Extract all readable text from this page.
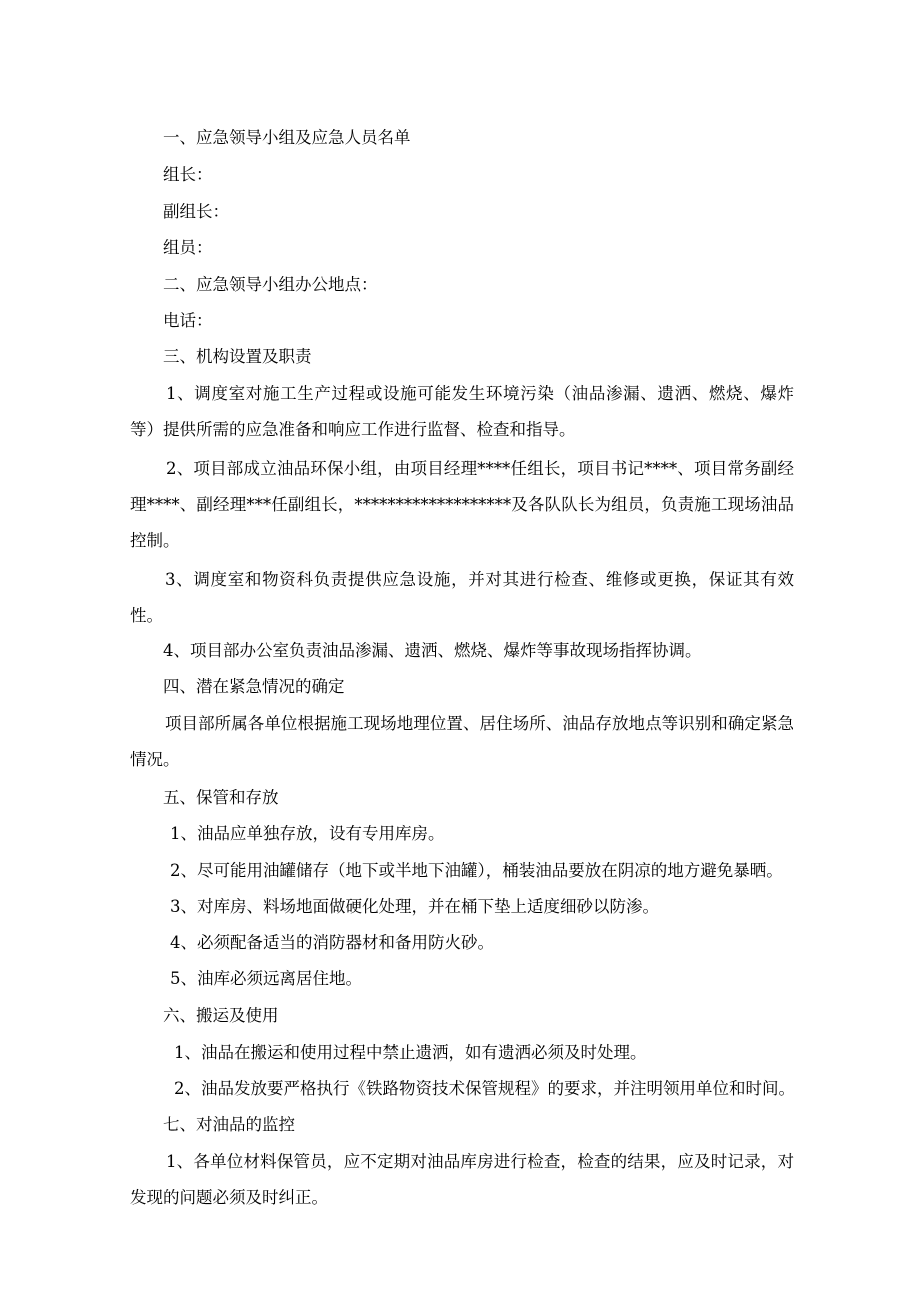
一、应急领导小组及应急人员名单
组长：
副组长：
组员：
二、应急领导小组办公地点：
电话：
三、机构设置及职责
1、调度室对施工生产过程或设施可能发生环境污染（油品渗漏、遗洒、燃烧、爆炸等）提供所需的应急准备和响应工作进行监督、检查和指导。
2、项目部成立油品环保小组，由项目经理****任组长，项目书记****、项目常务副经理****、副经理***任副组长，*******************及各队队长为组员，负责施工现场油品控制。
3、调度室和物资科负责提供应急设施，并对其进行检查、维修或更换，保证其有效性。
4、项目部办公室负责油品渗漏、遗洒、燃烧、爆炸等事故现场指挥协调。
四、潜在紧急情况的确定
项目部所属各单位根据施工现场地理位置、居住场所、油品存放地点等识别和确定紧急情况。
五、保管和存放
1、油品应单独存放，设有专用库房。
2、尽可能用油罐储存（地下或半地下油罐），桶装油品要放在阴凉的地方避免暴晒。
3、对库房、料场地面做硬化处理，并在桶下垫上适度细砂以防渗。
4、必须配备适当的消防器材和备用防火砂。
5、油库必须远离居住地。
六、搬运及使用
1、油品在搬运和使用过程中禁止遗洒，如有遗洒必须及时处理。
2、油品发放要严格执行《铁路物资技术保管规程》的要求，并注明领用单位和时间。
七、对油品的监控
1、各单位材料保管员，应不定期对油品库房进行检查，检查的结果，应及时记录，对发现的问题必须及时纠正。
